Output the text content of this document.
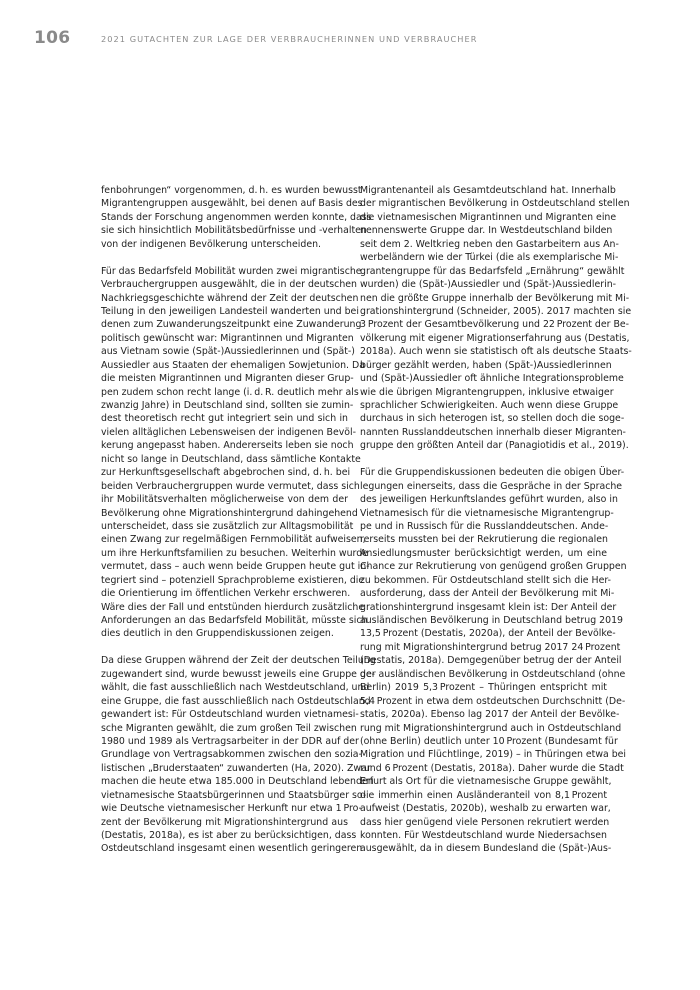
106	2021 GUTACHTEN ZUR LAGE DER VERBRAUCHERINNEN UND VERBRAUCHER

fenbohrungen“ vorgenommen, d. h. es wurden bewusst
Migrantengruppen ausgewählt, bei denen auf Basis des
Stands der Forschung angenommen werden konnte, dass
sie sich hinsichtlich Mobilitätsbedürfnisse und -verhalten
von der indigenen Bevölkerung unterscheiden.

Für das Bedarfsfeld Mobilität wurden zwei migrantische
Verbrauchergruppen ausgewählt, die in der deutschen
Nachkriegsgeschichte während der Zeit der deutschen
Teilung in den jeweiligen Landesteil wanderten und bei
denen zum Zuwanderungszeitpunkt eine Zuwanderung
politisch gewünscht war: Migrantinnen und Migranten
aus Vietnam sowie (Spät-)Aussiedlerinnen und (Spät-)
Aussiedler aus Staaten der ehemaligen Sowjetunion. Da
die meisten Migrantinnen und Migranten dieser Grup-
pen zudem schon recht lange (i. d. R. deutlich mehr als
zwanzig Jahre) in Deutschland sind, sollten sie zumin-
dest theoretisch recht gut integriert sein und sich in
vielen alltäglichen Lebensweisen der indigenen Bevöl-
kerung angepasst haben. Andererseits leben sie noch
nicht so lange in Deutschland, dass sämtliche Kontakte
zur Herkunftsgesellschaft abgebrochen sind, d. h. bei
beiden Verbrauchergruppen wurde vermutet, dass sich
ihr Mobilitätsverhalten möglicherweise von dem der
Bevölkerung ohne Migrationshintergrund dahingehend
unterscheidet, dass sie zusätzlich zur Alltagsmobilität
einen Zwang zur regelmäßigen Fernmobilität aufweisen,
um ihre Herkunftsfamilien zu besuchen. Weiterhin wurde
vermutet, dass – auch wenn beide Gruppen heute gut in-
tegriert sind – potenziell Sprachprobleme existieren, die
die Orientierung im öffentlichen Verkehr erschweren.
Wäre dies der Fall und entstünden hierdurch zusätzliche
Anforderungen an das Bedarfsfeld Mobilität, müsste sich
dies deutlich in den Gruppendiskussionen zeigen.

Da diese Gruppen während der Zeit der deutschen Teilung
zugewandert sind, wurde bewusst jeweils eine Gruppe ge-
wählt, die fast ausschließlich nach Westdeutschland, und
eine Gruppe, die fast ausschließlich nach Ostdeutschland
gewandert ist: Für Ostdeutschland wurden vietnamesi-
sche Migranten gewählt, die zum großen Teil zwischen
1980 und 1989 als Vertragsarbeiter in der DDR auf der
Grundlage von Vertragsabkommen zwischen den sozia-
listischen „Bruderstaaten“ zuwanderten (Ha, 2020). Zwar
machen die heute etwa 185.000 in Deutschland lebenden
vietnamesische Staatsbürgerinnen und Staatsbürger so-
wie Deutsche vietnamesischer Herkunft nur etwa 1 Pro-
zent der Bevölkerung mit Migrationshintergrund aus
(Destatis, 2018a), es ist aber zu berücksichtigen, dass
Ostdeutschland insgesamt einen wesentlich geringeren

Migrantenanteil als Gesamtdeutschland hat. Innerhalb
der migrantischen Bevölkerung in Ostdeutschland stellen
die vietnamesischen Migrantinnen und Migranten eine
nennenswerte Gruppe dar. In Westdeutschland bilden
seit dem 2. Weltkrieg neben den Gastarbeitern aus An-
werbeländern wie der Türkei (die als exemplarische Mi-
grantengruppe für das Bedarfsfeld „Ernährung“ gewählt
wurden) die (Spät-)Aussiedler und (Spät-)Aussiedlerin-
nen die größte Gruppe innerhalb der Bevölkerung mit Mi-
grationshintergrund (Schneider, 2005). 2017 machten sie
3 Prozent der Gesamtbevölkerung und 22 Prozent der Be-
völkerung mit eigener Migrationserfahrung aus (Destatis,
2018a). Auch wenn sie statistisch oft als deutsche Staats-
bürger gezählt werden, haben (Spät-)Aussiedlerinnen
und (Spät-)Aussiedler oft ähnliche Integrationsprobleme
wie die übrigen Migrantengruppen, inklusive etwaiger
sprachlicher Schwierigkeiten. Auch wenn diese Gruppe
durchaus in sich heterogen ist, so stellen doch die soge-
nannten Russlanddeutschen innerhalb dieser Migranten-
gruppe den größten Anteil dar (Panagiotidis et al., 2019).

Für die Gruppendiskussionen bedeuten die obigen Über-
legungen einerseits, dass die Gespräche in der Sprache
des jeweiligen Herkunftslandes geführt wurden, also in
Vietnamesisch für die vietnamesische Migrantengrup-
pe und in Russisch für die Russlanddeutschen. Ande-
rerseits mussten bei der Rekrutierung die regionalen
Ansiedlungsmuster berücksichtigt werden, um eine
Chance zur Rekrutierung von genügend großen Gruppen
zu bekommen. Für Ostdeutschland stellt sich die Her-
ausforderung, dass der Anteil der Bevölkerung mit Mi-
grationshintergrund insgesamt klein ist: Der Anteil der
ausländischen Bevölkerung in Deutschland betrug 2019
13,5 Prozent (Destatis, 2020a), der Anteil der Bevölke-
rung mit Migrationshintergrund betrug 2017 24 Prozent
(Destatis, 2018a). Demgegenüber betrug der der Anteil
der ausländischen Bevölkerung in Ostdeutschland (ohne
Berlin) 2019 5,3 Prozent – Thüringen entspricht mit
5,4 Prozent in etwa dem ostdeutschen Durchschnitt (De-
statis, 2020a). Ebenso lag 2017 der Anteil der Bevölke-
rung mit Migrationshintergrund auch in Ostdeutschland
(ohne Berlin) deutlich unter 10 Prozent (Bundesamt für
Migration und Flüchtlinge, 2019) – in Thüringen etwa bei
rund 6 Prozent (Destatis, 2018a). Daher wurde die Stadt
Erfurt als Ort für die vietnamesische Gruppe gewählt,
die immerhin einen Ausländeranteil von 8,1 Prozent
aufweist (Destatis, 2020b), weshalb zu erwarten war,
dass hier genügend viele Personen rekrutiert werden
konnten. Für Westdeutschland wurde Niedersachsen
ausgewählt, da in diesem Bundesland die (Spät-)Aus-
